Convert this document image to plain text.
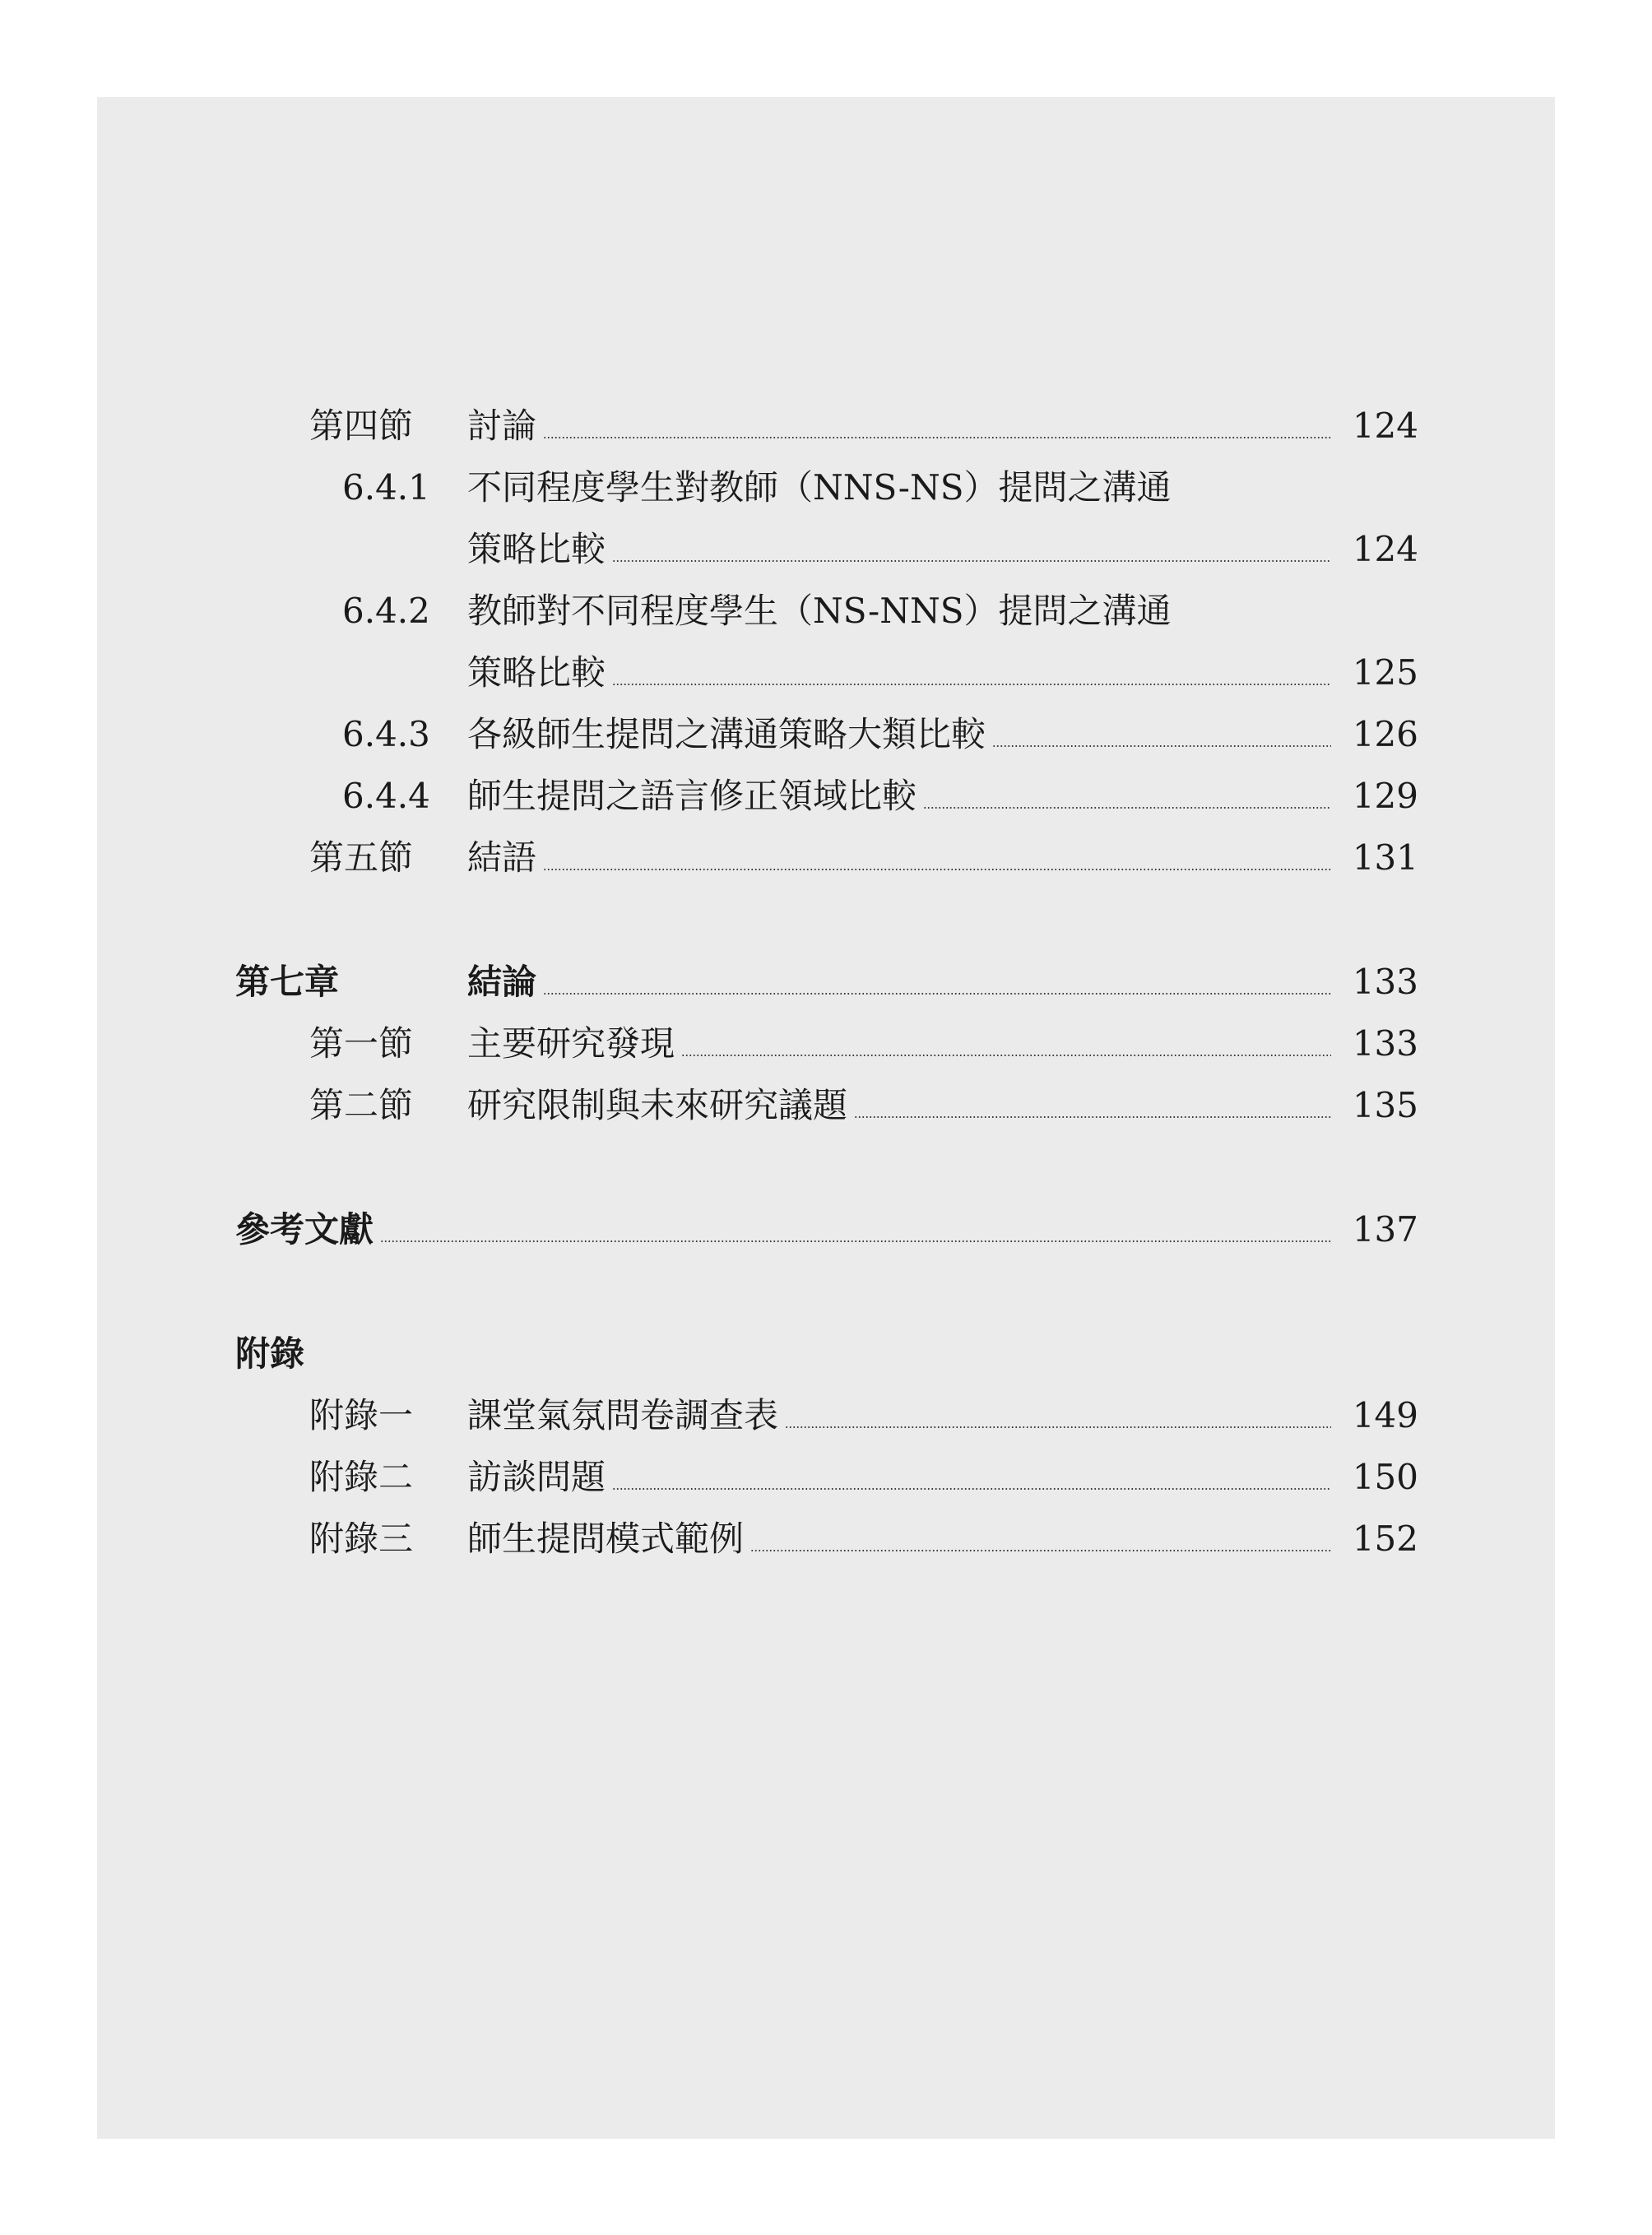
第四節 討論	124
6.4.1 不同程度學生對教師（NNS-NS）提問之溝通
策略比較	124
6.4.2 教師對不同程度學生（NS-NNS）提問之溝通
策略比較	125
6.4.3 各級師生提問之溝通策略大類比較	126
6.4.4 師生提問之語言修正領域比較	129
第五節 結語	131
第七章	結論	133
第一節 主要研究發現	133
第二節 研究限制與未來研究議題	135
參考文獻	137
附錄
附錄一 課堂氣氛問卷調查表	149
附錄二 訪談問題	150
附錄三 師生提問模式範例	152
